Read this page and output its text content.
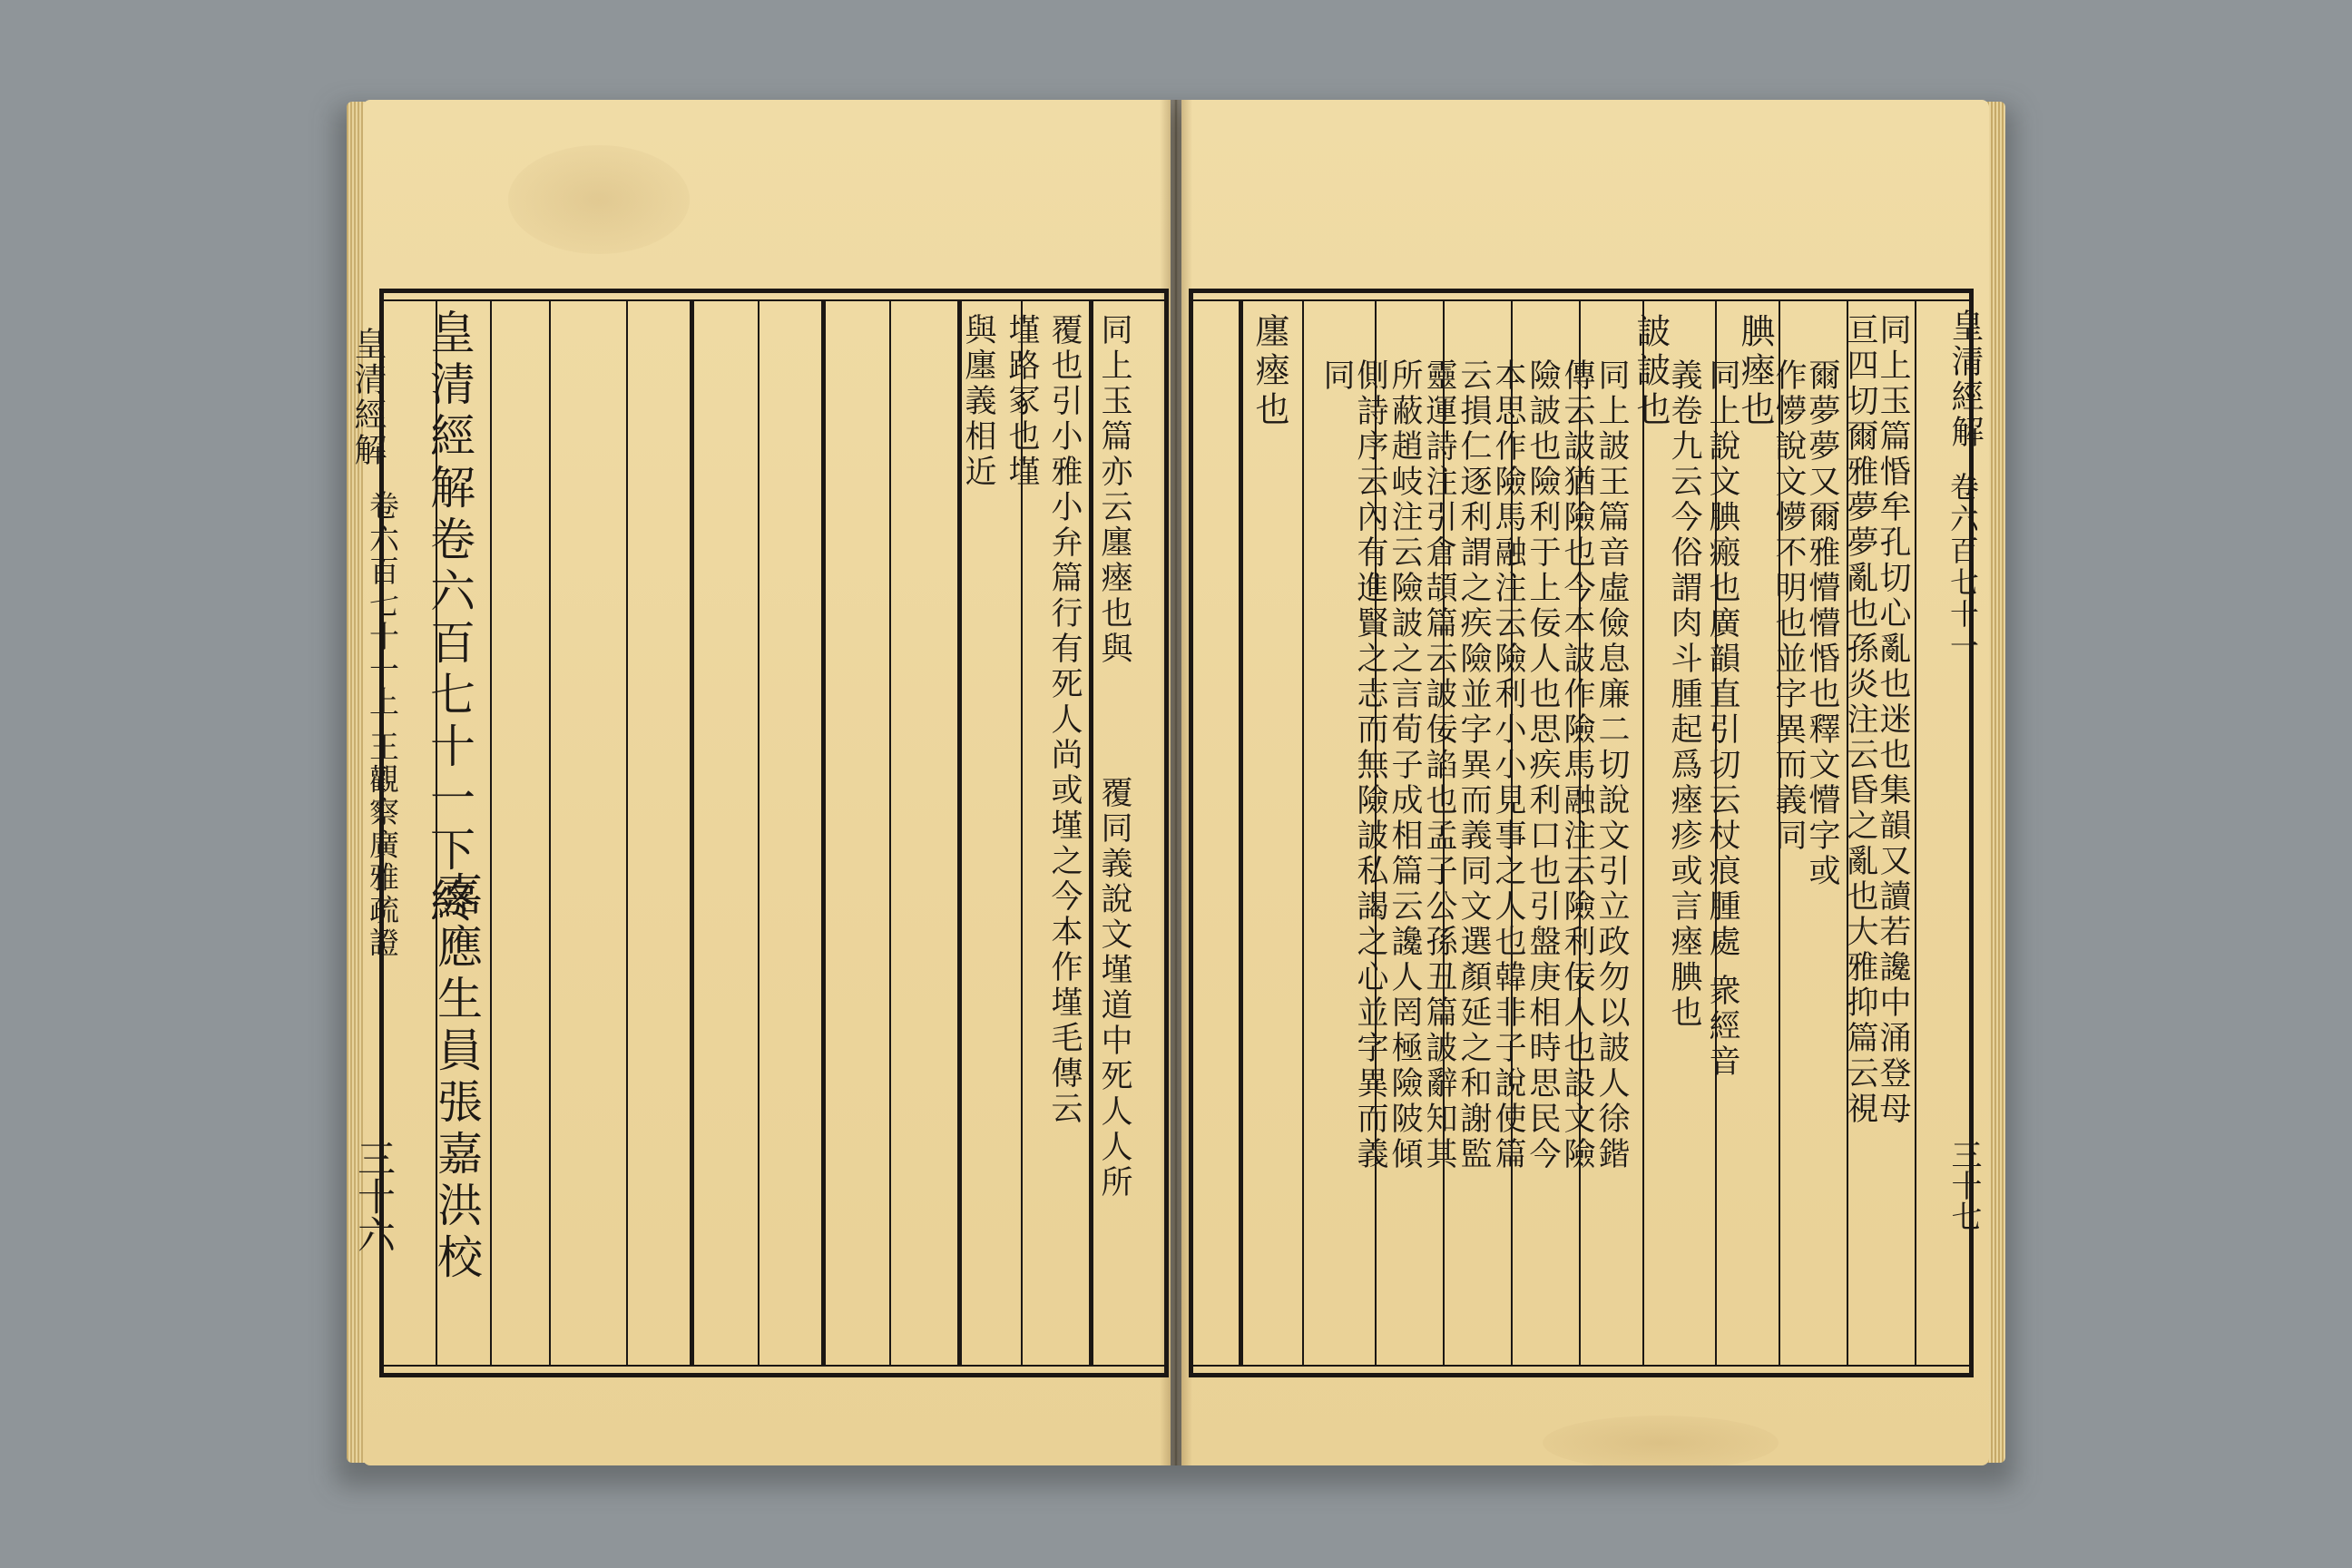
皇清經解
卷六百七十一上 王觀察廣雅疏證
三十六
皇清經解卷六百七十一下終
嘉應生員張嘉洪校
同上玉篇亦云廛瘞也與
覆同義說文墐道中死人人所
覆也引小雅小弁篇行有死人尚或墐之今本作墐毛傳云
墐路冢也墐
與廛義相近	皇清經解
卷六百七十一
三十七
同上玉篇惛牟孔切心亂也迷也集韻又讀若讒中涌登母
亘四切爾雅夢夢亂也孫炎注云昏之亂也大雅抑篇云視
爾夢夢又爾雅懵懵惛也釋文懵字或
作懜說文懜不明也並字異而義同
腆瘞也
同上說文腆瘢也廣韻直引切云杖痕腫處 衆經音
義卷九云今俗謂肉斗腫起爲瘞疹或言瘞腆也
詖詖也
同上詖王篇音虛儉息廉二切說文引立政勿以詖人徐鍇
傳云詖猶險也今本詖作險馬融注云險利佞人也設文險
險詖也險利于上佞人也思疾利口也引盤庚相時思民今
本思作險馬融注云險利小小見事之人也韓非子說使篇
云損仁逐利謂之疾險並字異而義同文選顏延之和謝監
靈運詩注引倉頡篇云詖佞諂也孟子公孫丑篇詖辭知其
所蔽趙岐注云險詖之言荀子成相篇云讒人罔極險陂傾
側詩序云內有進賢之志而無險詖私謁之心並字異而義
同
廛瘞也
